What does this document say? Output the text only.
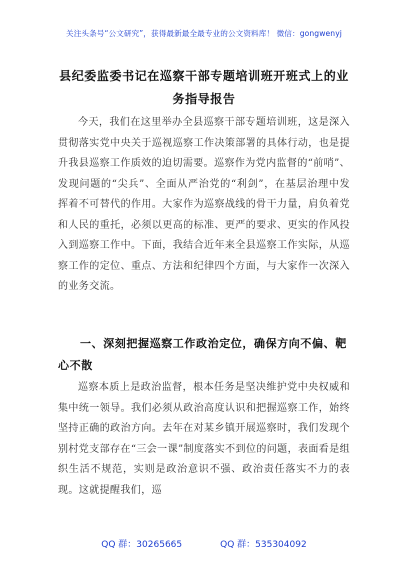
关注头条号“公文研究”，获得最新最全最专业的公文资料库！ 微信：gongwenyj
县纪委监委书记在巡察干部专题培训班开班式上的业务指导报告

今天，我们在这里举办全县巡察干部专题培训班，这是深入贯彻落实党中央关于巡视巡察工作决策部署的具体行动，也是提升我县巡察工作质效的迫切需要。巡察作为党内监督的“前哨”、发现问题的“尖兵”、全面从严治党的“利剑”，在基层治理中发挥着不可替代的作用。大家作为巡察战线的骨干力量，肩负着党和人民的重托，必须以更高的标准、更严的要求、更实的作风投入到巡察工作中。下面，我结合近年来全县巡察工作实际，从巡察工作的定位、重点、方法和纪律四个方面，与大家作一次深入的业务交流。

一、深刻把握巡察工作政治定位，确保方向不偏、靶心不散

巡察本质上是政治监督，根本任务是坚决维护党中央权威和集中统一领导。我们必须从政治高度认识和把握巡察工作，始终坚持正确的政治方向。去年在对某乡镇开展巡察时，我们发现个别村党支部存在“三会一课”制度落实不到位的问题，表面看是组织生活不规范，实则是政治意识不强、政治责任落实不力的表现。这就提醒我们，巡

QQ 群：30265665	QQ 群：535304092
